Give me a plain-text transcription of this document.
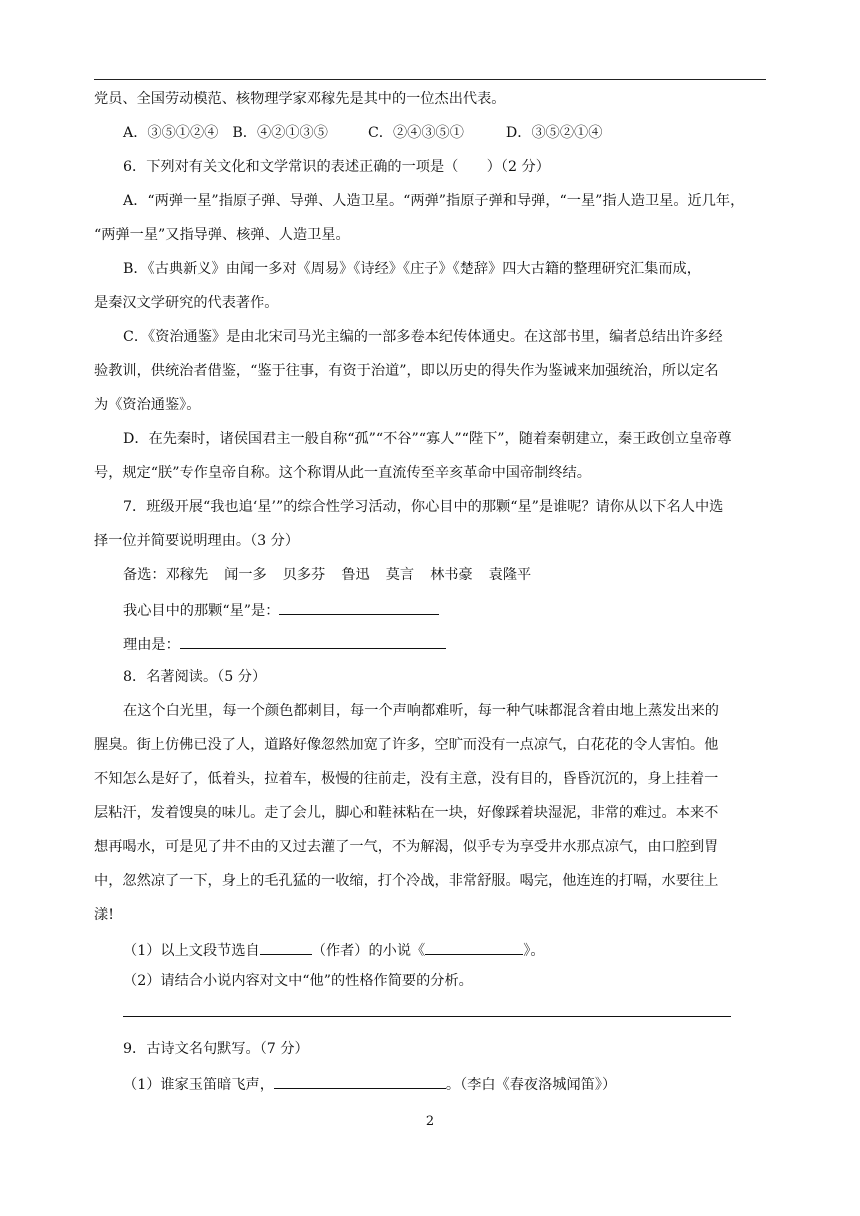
党员、全国劳动模范、核物理学家邓稼先是其中的一位杰出代表。
A．③⑤①②④ B．④②①③⑤	C．②④③⑤①	D．③⑤②①④
6．下列对有关文化和文学常识的表述正确的一项是（　　）（2 分）
A．“两弹一星”指原子弹、导弹、人造卫星。“两弹”指原子弹和导弹，“一星”指人造卫星。近几年，
“两弹一星”又指导弹、核弹、人造卫星。
B．《古典新义》由闻一多对《周易》《诗经》《庄子》《楚辞》四大古籍的整理研究汇集而成，
是秦汉文学研究的代表著作。
C．《资治通鉴》是由北宋司马光主编的一部多卷本纪传体通史。在这部书里，编者总结出许多经
验教训，供统治者借鉴，“鉴于往事，有资于治道”，即以历史的得失作为鉴诫来加强统治，所以定名
为《资治通鉴》。
D．在先秦时，诸侯国君主一般自称“孤”“不谷”“寡人”“陛下”，随着秦朝建立，秦王政创立皇帝尊
号，规定“朕”专作皇帝自称。这个称谓从此一直流传至辛亥革命中国帝制终结。
7．班级开展“我也追‘星’”的综合性学习活动，你心目中的那颗“星”是谁呢？请你从以下名人中选
择一位并简要说明理由。（3 分）
备选：邓稼先 闻一多 贝多芬 鲁迅 莫言 林书豪 袁隆平
我心目中的那颗“星”是：
理由是：
8．名著阅读。（5 分）
在这个白光里，每一个颜色都刺目，每一个声响都难听，每一种气味都混含着由地上蒸发出来的
腥臭。街上仿佛已没了人，道路好像忽然加宽了许多，空旷而没有一点凉气，白花花的令人害怕。他
不知怎么是好了，低着头，拉着车，极慢的往前走，没有主意，没有目的，昏昏沉沉的，身上挂着一
层粘汗，发着馊臭的味儿。走了会儿，脚心和鞋袜粘在一块，好像踩着块湿泥，非常的难过。本来不
想再喝水，可是见了井不由的又过去灌了一气，不为解渴，似乎专为享受井水那点凉气，由口腔到胃
中，忽然凉了一下，身上的毛孔猛的一收缩，打个冷战，非常舒服。喝完，他连连的打嗝，水要往上
漾!
（1）以上文段节选自	（作者）的小说《	》。
（2）请结合小说内容对文中“他”的性格作简要的分析。
9．古诗文名句默写。（7 分）
（1）谁家玉笛暗飞声，	。（李白《春夜洛城闻笛》）
2
